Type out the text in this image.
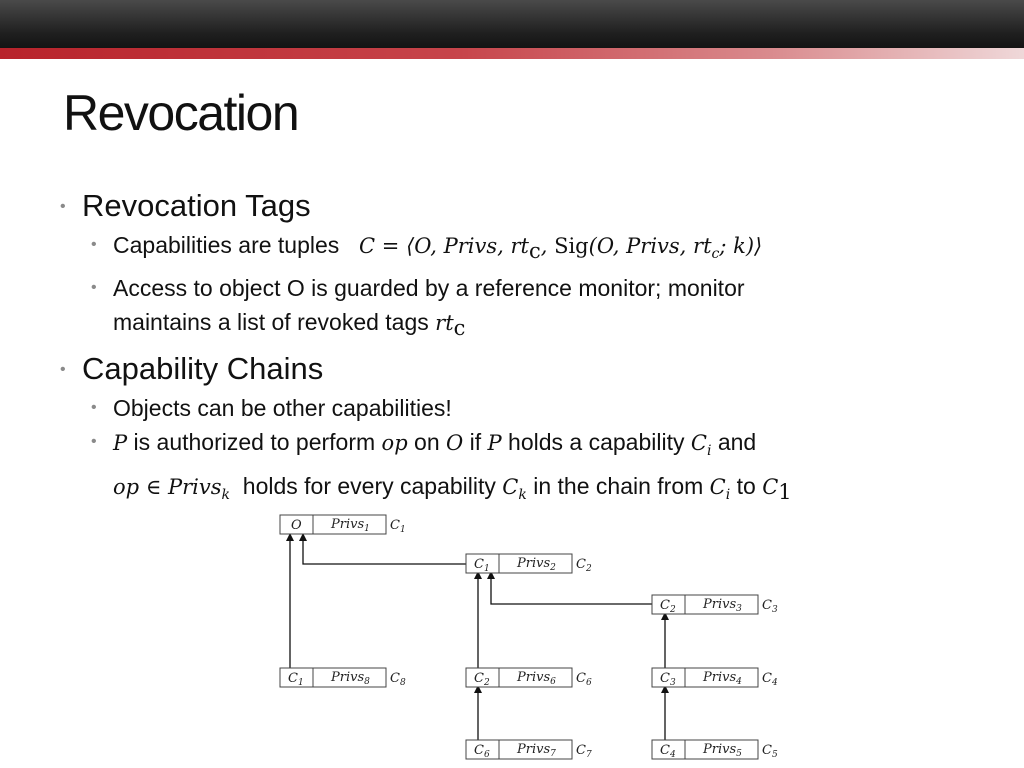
Revocation
• Revocation Tags
• Capabilities are tuples   C = ⟨O, Privs, $rt_c$, Sig(O, Privs, $rt_c$; k)⟩
• Access to object O is guarded by a reference monitor; monitor
maintains a list of revoked tags $rt_c$
• Capability Chains
• Objects can be other capabilities!
• P is authorized to perform op on O if P holds a capability $C_i$ and
op ∈ Privs$_k$ holds for every capability $C_k$ in the chain from $C_i$ to $C_1$
O Privs$_1$ $C_1$
$C_1$ Privs$_2$ $C_2$
$C_2$ Privs$_3$ $C_3$
$C_1$ Privs$_8$ $C_8$	$C_2$ Privs$_6$ $C_6$	$C_3$ Privs$_4$ $C_4$
$C_6$ Privs$_7$ $C_7$	$C_4$ Privs$_5$ $C_5$
